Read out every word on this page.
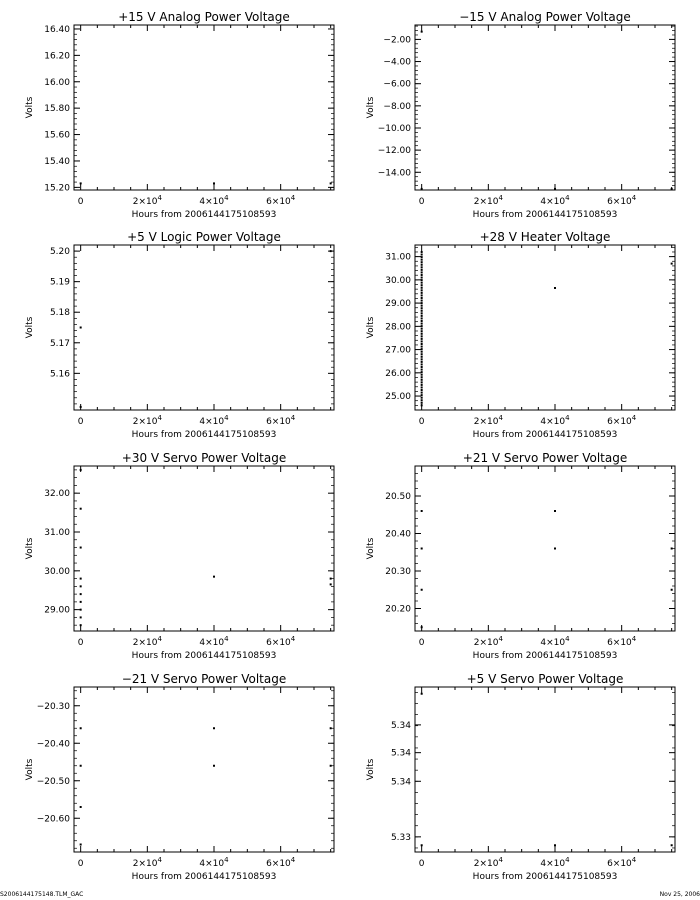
+15 V Analog Power Voltage
Volts
Hours from 2006144175108593
0	$2\times 10^4$	$4\times 10^4$	$6\times 10^4$
15.20
15.40
15.60
15.80
16.00
16.20
16.40
−15 V Analog Power Voltage
Volts
Hours from 2006144175108593
0	$2\times 10^4$	$4\times 10^4$	$6\times 10^4$
−2.00
−4.00
−6.00
−8.00
−10.00
−12.00
−14.00
+5 V Logic Power Voltage
Volts
Hours from 2006144175108593
0	$2\times 10^4$	$4\times 10^4$	$6\times 10^4$
5.16
5.17
5.18
5.19
5.20
+28 V Heater Voltage
Volts
Hours from 2006144175108593
0	$2\times 10^4$	$4\times 10^4$	$6\times 10^4$
25.00
26.00
27.00
28.00
29.00
30.00
31.00
+30 V Servo Power Voltage
Volts
Hours from 2006144175108593
0	$2\times 10^4$	$4\times 10^4$	$6\times 10^4$
29.00
30.00
31.00
32.00
+21 V Servo Power Voltage
Volts
Hours from 2006144175108593
0	$2\times 10^4$	$4\times 10^4$	$6\times 10^4$
20.20
20.30
20.40
20.50
−21 V Servo Power Voltage
Volts
Hours from 2006144175108593
0	$2\times 10^4$	$4\times 10^4$	$6\times 10^4$
−20.30
−20.40
−20.50
−20.60
+5 V Servo Power Voltage
Volts
Hours from 2006144175108593
0	$2\times 10^4$	$4\times 10^4$	$6\times 10^4$
5.33
5.34
5.34
5.34
S2006144175148.TLM_GAC	Nov 25, 2006
